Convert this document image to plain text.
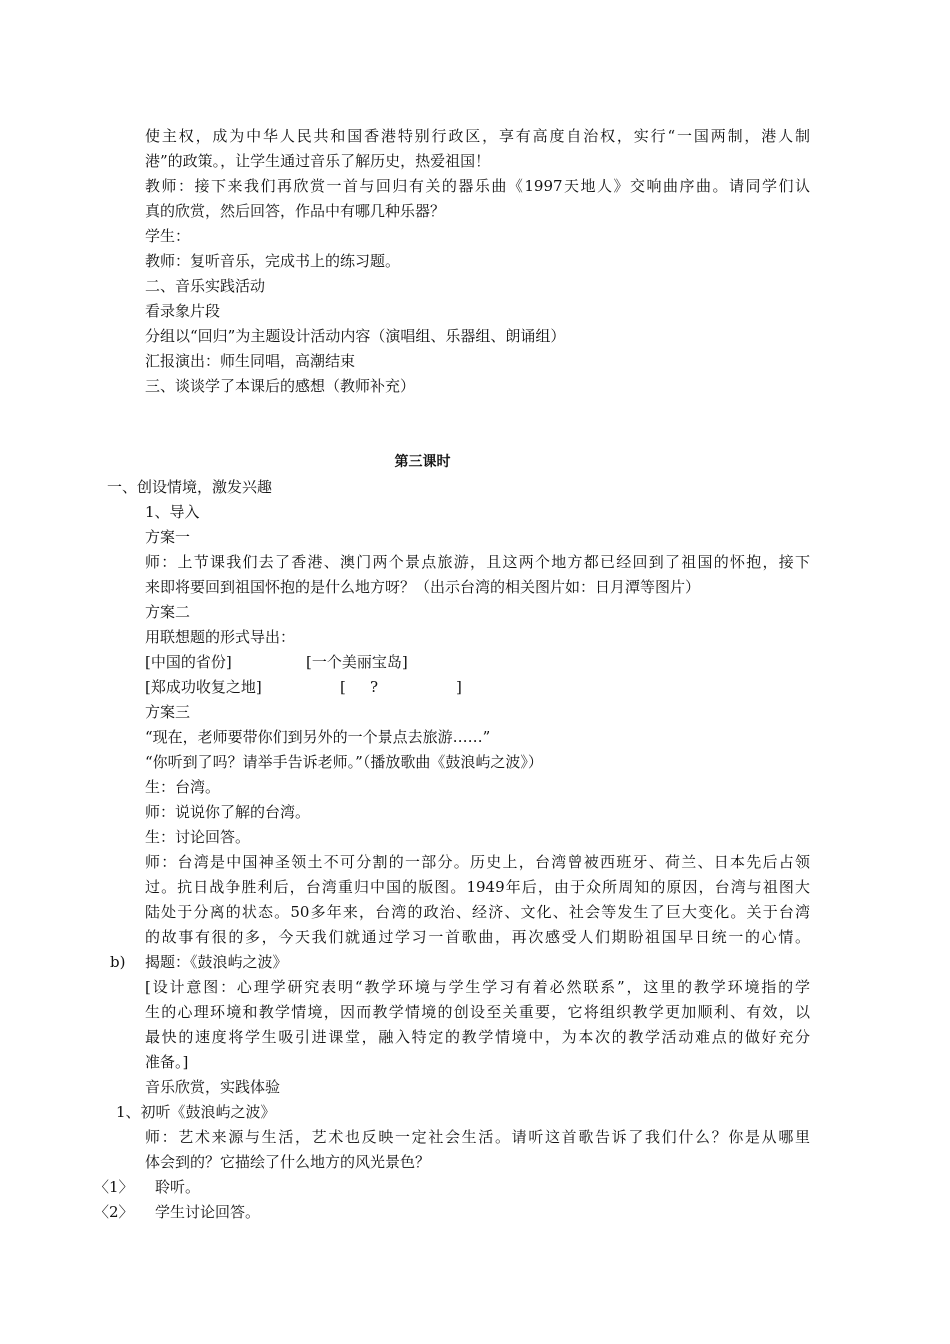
使主权，成为中华人民共和国香港特别行政区，享有高度自治权，实行“一国两制，港人制
港”的政策。，让学生通过音乐了解历史，热爱祖国！
教师：接下来我们再欣赏一首与回归有关的器乐曲《1997天地人》交响曲序曲。请同学们认
真的欣赏，然后回答，作品中有哪几种乐器？
学生：
教师：复听音乐，完成书上的练习题。
二、音乐实践活动
看录象片段
分组以“回归”为主题设计活动内容（演唱组、乐器组、朗诵组）
汇报演出：师生同唱，高潮结束
三、谈谈学了本课后的感想（教师补充）
第三课时
一、创设情境，激发兴趣
1、导入
方案一
师：上节课我们去了香港、澳门两个景点旅游，且这两个地方都已经回到了祖国的怀抱，接下
来即将要回到祖国怀抱的是什么地方呀？（出示台湾的相关图片如：日月潭等图片）
方案二
用联想题的形式导出：
[中国的省份]	[一个美丽宝岛]
[郑成功收复之地]	[ ?	]
方案三
“现在，老师要带你们到另外的一个景点去旅游……”
“你听到了吗？请举手告诉老师。”（播放歌曲《鼓浪屿之波》）
生：台湾。
师：说说你了解的台湾。
生：讨论回答。
师：台湾是中国神圣领土不可分割的一部分。历史上，台湾曾被西班牙、荷兰、日本先后占领
过。抗日战争胜利后，台湾重归中国的版图。1949年后，由于众所周知的原因，台湾与祖图大
陆处于分离的状态。50多年来，台湾的政治、经济、文化、社会等发生了巨大变化。关于台湾
的故事有很的多，今天我们就通过学习一首歌曲，再次感受人们期盼祖国早日统一的心情。
b) 揭题：《鼓浪屿之波》
[设计意图：心理学研究表明“教学环境与学生学习有着必然联系”，这里的教学环境指的学
生的心理环境和教学情境，因而教学情境的创设至关重要，它将组织教学更加顺利、有效，以
最快的速度将学生吸引进课堂，融入特定的教学情境中，为本次的教学活动难点的做好充分
准备。]
音乐欣赏，实践体验
1、初听《鼓浪屿之波》
师：艺术来源与生活，艺术也反映一定社会生活。请听这首歌告诉了我们什么？你是从哪里
体会到的？它描绘了什么地方的风光景色？
〈1〉 聆听。
〈2〉 学生讨论回答。
